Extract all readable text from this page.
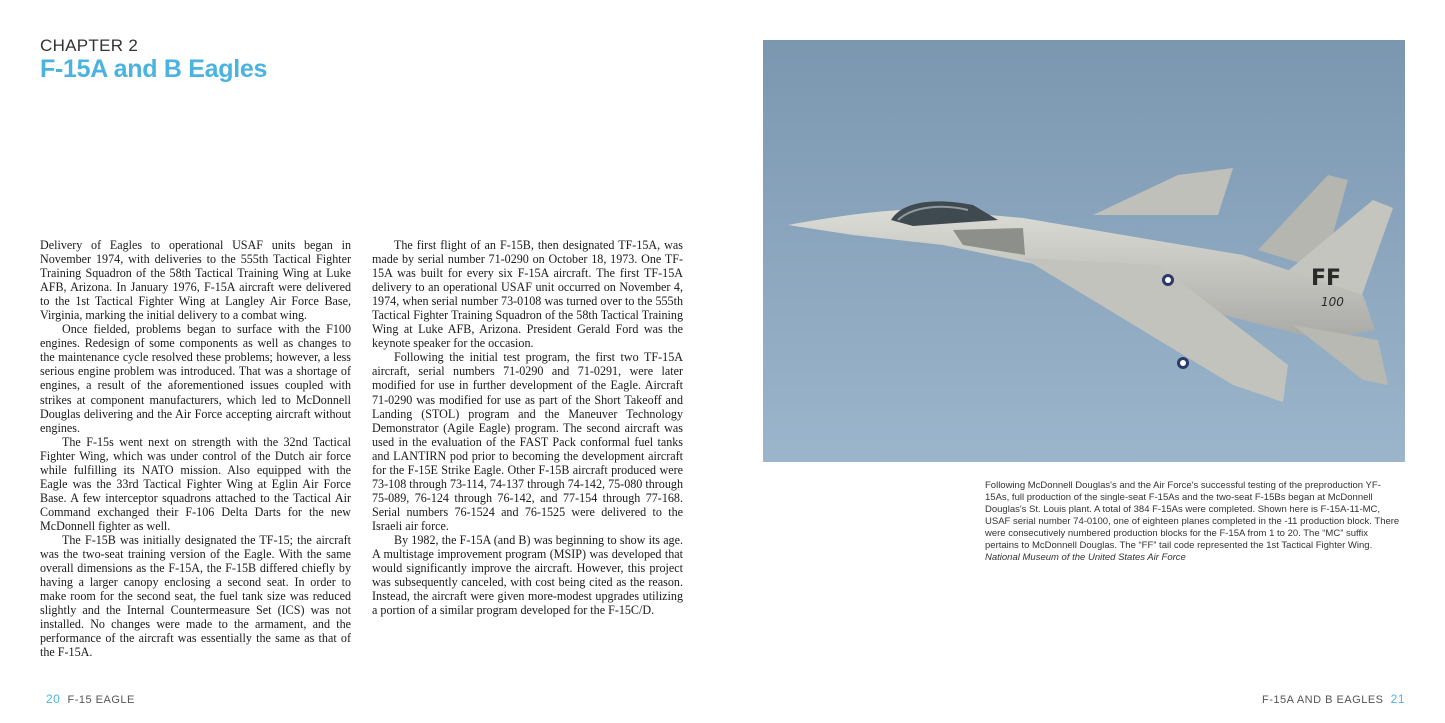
CHAPTER 2
F-15A and B Eagles

Delivery of Eagles to operational USAF units began in November 1974, with deliveries to the 555th Tactical Fighter Training Squadron of the 58th Tactical Training Wing at Luke AFB, Arizona. In January 1976, F-15A aircraft were delivered to the 1st Tactical Fighter Wing at Langley Air Force Base, Virginia, marking the initial delivery to a combat wing.

Once fielded, problems began to surface with the F100 engines. Redesign of some components as well as changes to the maintenance cycle resolved these problems; however, a less serious engine problem was introduced. That was a shortage of engines, a result of the aforementioned issues coupled with strikes at component manufacturers, which led to McDonnell Douglas delivering and the Air Force accepting aircraft without engines.

The F-15s went next on strength with the 32nd Tactical Fighter Wing, which was under control of the Dutch air force while fulfilling its NATO mission. Also equipped with the Eagle was the 33rd Tactical Fighter Wing at Eglin Air Force Base. A few interceptor squadrons attached to the Tactical Air Command exchanged their F-106 Delta Darts for the new McDonnell fighter as well.

The F-15B was initially designated the TF-15; the aircraft was the two-seat training version of the Eagle. With the same overall dimensions as the F-15A, the F-15B differed chiefly by having a larger canopy enclosing a second seat. In order to make room for the second seat, the fuel tank size was reduced slightly and the Internal Countermeasure Set (ICS) was not installed. No changes were made to the armament, and the performance of the aircraft was essentially the same as that of the F-15A.

The first flight of an F-15B, then designated TF-15A, was made by serial number 71-0290 on October 18, 1973. One TF-15A was built for every six F-15A aircraft. The first TF-15A delivery to an operational USAF unit occurred on November 4, 1974, when serial number 73-0108 was turned over to the 555th Tactical Fighter Training Squadron of the 58th Tactical Training Wing at Luke AFB, Arizona. President Gerald Ford was the keynote speaker for the occasion.

Following the initial test program, the first two TF-15A aircraft, serial numbers 71-0290 and 71-0291, were later modified for use in further development of the Eagle. Aircraft 71-0290 was modified for use as part of the Short Takeoff and Landing (STOL) program and the Maneuver Technology Demonstrator (Agile Eagle) program. The second aircraft was used in the evaluation of the FAST Pack conformal fuel tanks and LANTIRN pod prior to becoming the development aircraft for the F-15E Strike Eagle. Other F-15B aircraft produced were 73-108 through 73-114, 74-137 through 74-142, 75-080 through 75-089, 76-124 through 76-142, and 77-154 through 77-168. Serial numbers 76-1524 and 76-1525 were delivered to the Israeli air force.

By 1982, the F-15A (and B) was beginning to show its age. A multistage improvement program (MSIP) was developed that would significantly improve the aircraft. However, this project was subsequently canceled, with cost being cited as the reason. Instead, the aircraft were given more-modest upgrades utilizing a portion of a similar program developed for the F-15C/D.

FF
100
Following McDonnell Douglas's and the Air Force's successful testing of the preproduction YF-15As, full production of the single-seat F-15As and the two-seat F-15Bs began at McDonnell Douglas's St. Louis plant. A total of 384 F-15As were completed. Shown here is F-15A-11-MC, USAF serial number 74-0100, one of eighteen planes completed in the -11 production block. There were consecutively numbered production blocks for the F-15A from 1 to 20. The “MC” suffix pertains to McDonnell Douglas. The “FF” tail code represented the 1st Tactical Fighter Wing. National Museum of the United States Air Force
20 F-15 EAGLE	F-15A AND B EAGLES 21
